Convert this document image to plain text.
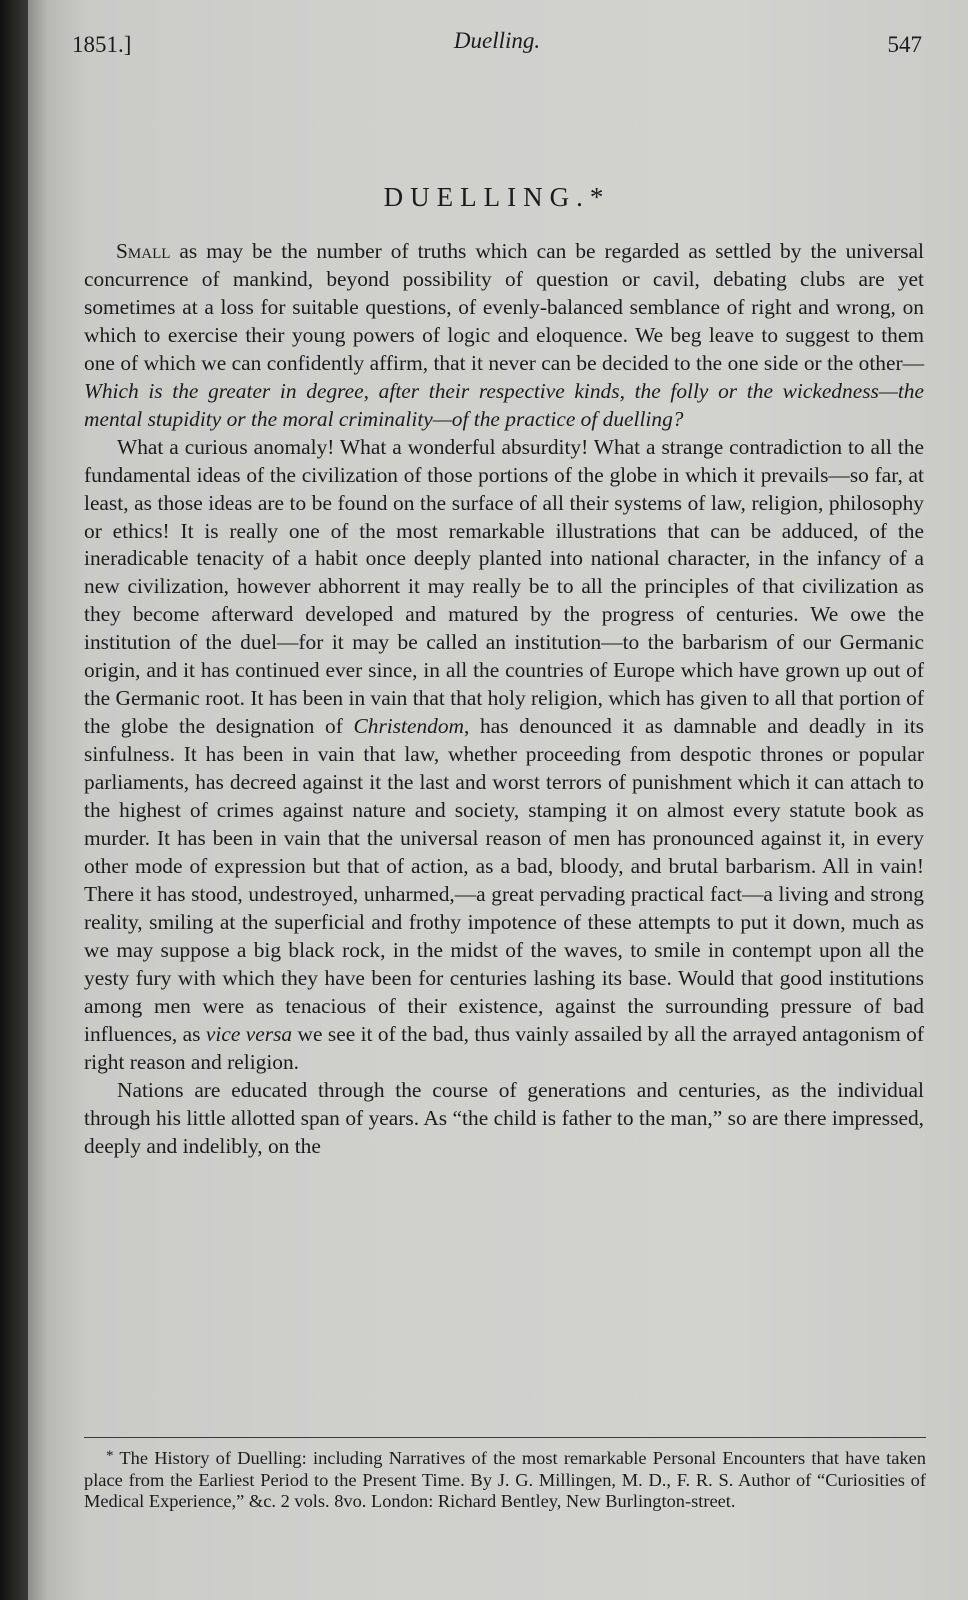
1851.]	Duelling.	547
DUELLING.*

Small as may be the number of truths which can be regarded as settled by the universal concurrence of mankind, beyond possibility of question or cavil, debating clubs are yet sometimes at a loss for suitable questions, of evenly-balanced semblance of right and wrong, on which to exercise their young powers of logic and eloquence. We beg leave to suggest to them one of which we can confidently affirm, that it never can be decided to the one side or the other— Which is the greater in degree, after their respective kinds, the folly or the wickedness—the mental stupidity or the moral criminality—of the practice of duelling?

What a curious anomaly! What a wonderful absurdity! What a strange contradiction to all the fundamental ideas of the civilization of those portions of the globe in which it prevails—so far, at least, as those ideas are to be found on the surface of all their systems of law, religion, philosophy or ethics! It is really one of the most remarkable illustrations that can be adduced, of the ineradicable tenacity of a habit once deeply planted into national character, in the infancy of a new civilization, however abhorrent it may really be to all the principles of that civilization as they become afterward developed and matured by the progress of centuries. We owe the institution of the duel—for it may be called an institution—to the barbarism of our Germanic origin, and it has continued ever since, in all the countries of Europe which have grown up out of the Germanic root. It has been in vain that that holy religion, which has given to all that portion of the globe the designation of Christendom, has denounced it as damnable and deadly in its sinfulness. It has been in vain that law, whether proceeding from despotic thrones or popular parliaments, has decreed against it the last and worst terrors of punishment which it can attach to the highest of crimes against nature and society, stamping it on almost every statute book as murder. It has been in vain that the universal reason of men has pronounced against it, in every other mode of expression but that of action, as a bad, bloody, and brutal barbarism. All in vain! There it has stood, undestroyed, unharmed,—a great pervading practical fact—a living and strong reality, smiling at the superficial and frothy impotence of these attempts to put it down, much as we may suppose a big black rock, in the midst of the waves, to smile in contempt upon all the yesty fury with which they have been for centuries lashing its base. Would that good institutions among men were as tenacious of their existence, against the surrounding pressure of bad influences, as vice versa we see it of the bad, thus vainly assailed by all the arrayed antagonism of right reason and religion.

Nations are educated through the course of generations and centuries, as the individual through his little allotted span of years. As “the child is father to the man,” so are there impressed, deeply and indelibly, on the

* The History of Duelling: including Narratives of the most remarkable Personal Encounters that have taken place from the Earliest Period to the Present Time. By J. G. Millingen, M. D., F. R. S. Author of “Curiosities of Medical Experience,” &c. 2 vols. 8vo. London: Richard Bentley, New Burlington-street.
